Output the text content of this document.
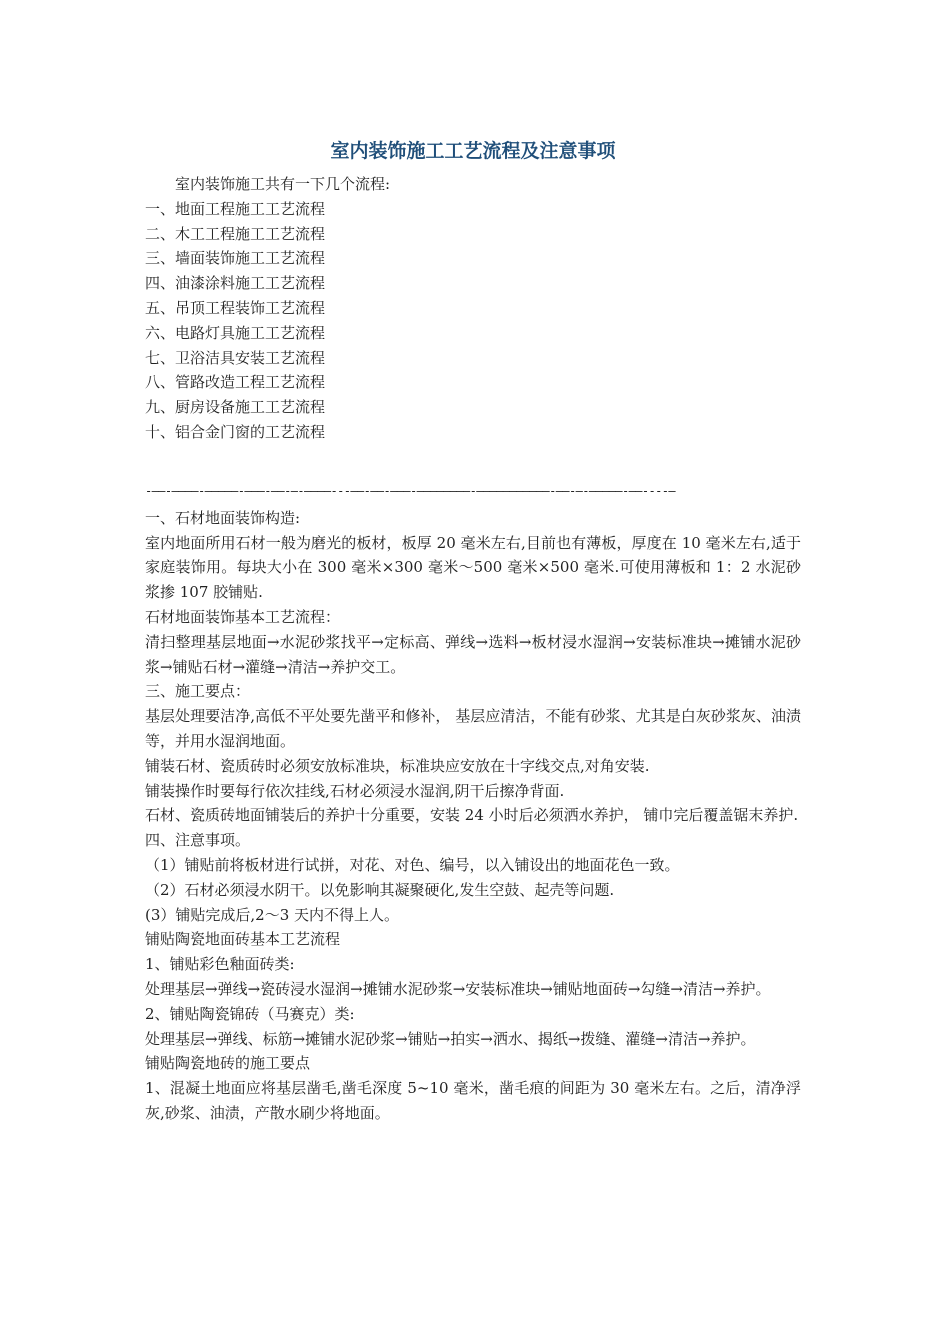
室内装饰施工工艺流程及注意事项

室内装饰施工共有一下几个流程:

一、地面工程施工工艺流程

二、木工工程施工工艺流程

三、墙面装饰施工工艺流程

四、油漆涂料施工工艺流程

五、吊顶工程装饰工艺流程

六、电路灯具施工工艺流程

七、卫浴洁具安装工艺流程

八、管路改造工程工艺流程

九、厨房设备施工工艺流程

十、铝合金门窗的工艺流程

-——-————-—————-———-——-—-————---——-——-———-————————-———————————-——-—-—————-——----—

一、石材地面装饰构造:

室内地面所用石材一般为磨光的板材，板厚 20 毫米左右,目前也有薄板，厚度在 10 毫米左右,适于家庭装饰用。每块大小在 300 毫米×300 毫米～500 毫米×500 毫米.可使用薄板和 1：2 水泥砂浆掺 107 胶铺贴.

石材地面装饰基本工艺流程：

清扫整理基层地面→水泥砂浆找平→定标高、弹线→选料→板材浸水湿润→安装标准块→摊铺水泥砂浆→铺贴石材→灌缝→清洁→养护交工。

三、施工要点：

基层处理要洁净,高低不平处要先凿平和修补， 基层应清洁，不能有砂浆、尤其是白灰砂浆灰、油渍等，并用水湿润地面。

铺装石材、瓷质砖时必须安放标准块，标准块应安放在十字线交点,对角安装.

铺装操作时要每行依次挂线,石材必须浸水湿润,阴干后擦净背面.

石材、瓷质砖地面铺装后的养护十分重要，安装 24 小时后必须洒水养护， 铺巾完后覆盖锯末养护.

四、注意事项。

（1）铺贴前将板材进行试拼，对花、对色、编号，以入铺设出的地面花色一致。

（2）石材必须浸水阴干。以免影响其凝聚硬化,发生空鼓、起壳等问题.

(3）铺贴完成后,2～3 天内不得上人。

铺贴陶瓷地面砖基本工艺流程

1、铺贴彩色釉面砖类:

处理基层→弹线→瓷砖浸水湿润→摊铺水泥砂浆→安装标准块→铺贴地面砖→勾缝→清洁→养护。

2、铺贴陶瓷锦砖（马赛克）类:

处理基层→弹线、标筋→摊铺水泥砂浆→铺贴→拍实→洒水、揭纸→拨缝、灌缝→清洁→养护。

铺贴陶瓷地砖的施工要点

1、混凝土地面应将基层凿毛,凿毛深度 5~10 毫米，凿毛痕的间距为 30 毫米左右。之后，清净浮灰,砂浆、油渍，产散水刷少将地面。
